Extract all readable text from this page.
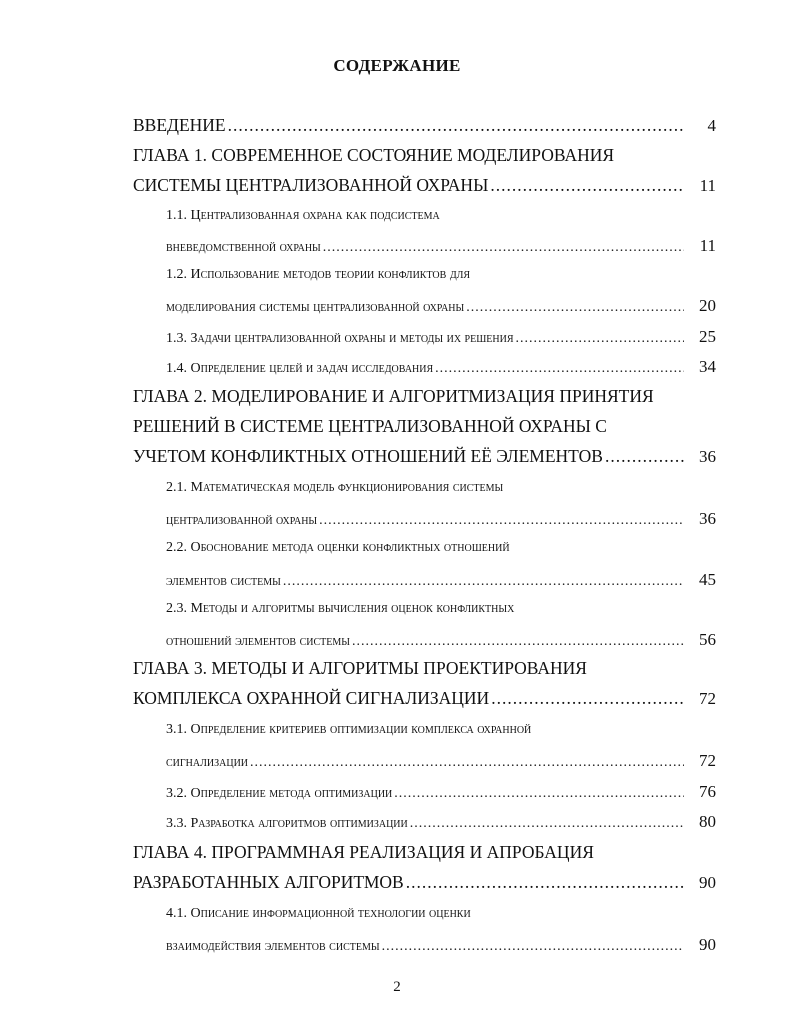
СОДЕРЖАНИЕ
ВВЕДЕНИЕ .....	4
ГЛАВА 1. СОВРЕМЕННОЕ СОСТОЯНИЕ МОДЕЛИРОВАНИЯ
СИСТЕМЫ ЦЕНТРАЛИЗОВАННОЙ ОХРАНЫ .....	11
1.1. Централизованная охрана как подсистема
вневедомственной охраны .....	11
1.2. Использование методов теории конфликтов для
моделирования системы централизованной охраны .....	20
1.3. Задачи централизованной охраны и методы их решения .....	25
1.4. Определение целей и задач исследования .....	34
ГЛАВА 2. МОДЕЛИРОВАНИЕ И АЛГОРИТМИЗАЦИЯ ПРИНЯТИЯ
РЕШЕНИЙ В СИСТЕМЕ ЦЕНТРАЛИЗОВАННОЙ ОХРАНЫ С
УЧЕТОМ КОНФЛИКТНЫХ ОТНОШЕНИЙ ЕЁ ЭЛЕМЕНТОВ .....	36
2.1. Математическая модель функционирования системы
централизованной охраны .....	36
2.2. Обоснование метода оценки конфликтных отношений
элементов системы .....	45
2.3. Методы и алгоритмы вычисления оценок конфликтных
отношений элементов системы .....	56
ГЛАВА 3. МЕТОДЫ И АЛГОРИТМЫ ПРОЕКТИРОВАНИЯ
КОМПЛЕКСА ОХРАННОЙ СИГНАЛИЗАЦИИ .....	72
3.1. Определение критериев оптимизации комплекса охранной
сигнализации .....	72
3.2. Определение метода оптимизации .....	76
3.3. Разработка алгоритмов оптимизации .....	80
ГЛАВА 4. ПРОГРАММНАЯ РЕАЛИЗАЦИЯ И АПРОБАЦИЯ
РАЗРАБОТАННЫХ АЛГОРИТМОВ .....	90
4.1. Описание информационной технологии оценки
взаимодействия элементов системы .....	90
2
